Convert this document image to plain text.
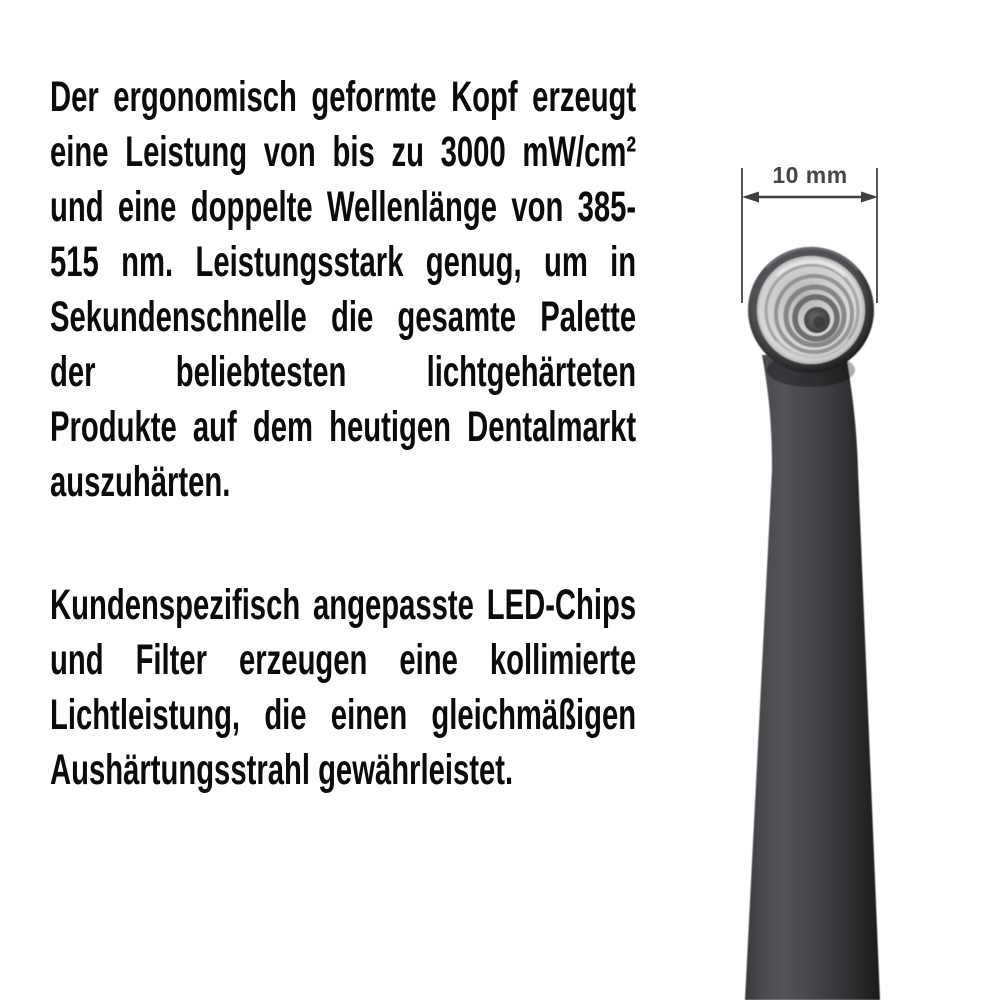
Der ergonomisch geformte Kopf erzeugt
eine Leistung von bis zu 3000 mW/cm²
und eine doppelte Wellenlänge von 385-
515 nm. Leistungsstark genug, um in
Sekundenschnelle die gesamte Palette
der beliebtesten lichtgehärteten
Produkte auf dem heutigen Dentalmarkt
auszuhärten.
Kundenspezifisch angepasste LED-Chips
und Filter erzeugen eine kollimierte
Lichtleistung, die einen gleichmäßigen
Aushärtungsstrahl gewährleistet.
10 mm
